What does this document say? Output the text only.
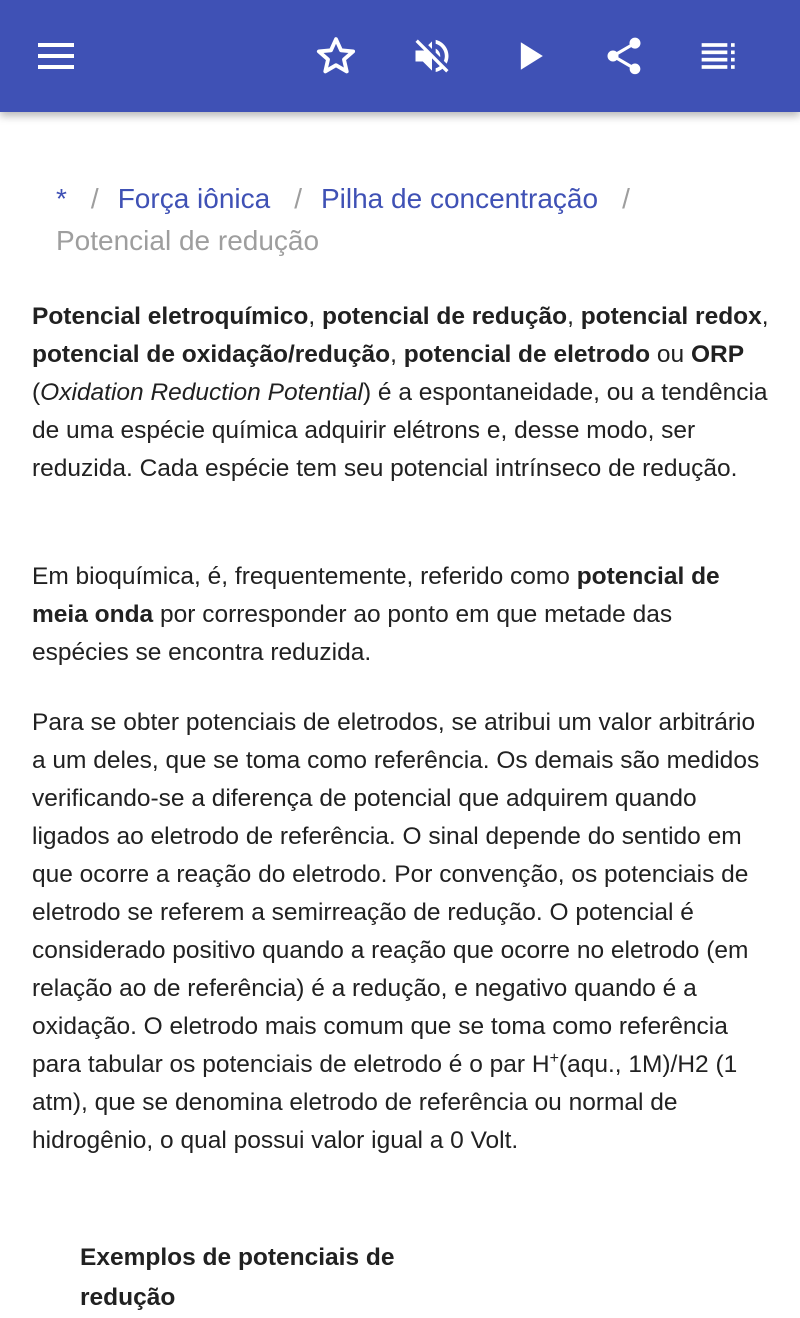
* / Força iônica / Pilha de concentração /
Potencial de redução

Potencial eletroquímico, potencial de redução, potencial redox, potencial de oxidação/redução, potencial de eletrodo ou ORP (Oxidation Reduction Potential) é a espontaneidade, ou a tendência de uma espécie química adquirir elétrons e, desse modo, ser reduzida. Cada espécie tem seu potencial intrínseco de redução.

Em bioquímica, é, frequentemente, referido como potencial de meia onda por corresponder ao ponto em que metade das espécies se encontra reduzida.

Para se obter potenciais de eletrodos, se atribui um valor arbitrário a um deles, que se toma como referência. Os demais são medidos verificando-se a diferença de potencial que adquirem quando ligados ao eletrodo de referência. O sinal depende do sentido em que ocorre a reação do eletrodo. Por convenção, os potenciais de eletrodo se referem a semirreação de redução. O potencial é considerado positivo quando a reação que ocorre no eletrodo (em relação ao de referência) é a redução, e negativo quando é a oxidação. O eletrodo mais comum que se toma como referência para tabular os potenciais de eletrodo é o par H+(aqu., 1M)/H2 (1 atm), que se denomina eletrodo de referência ou normal de hidrogênio, o qual possui valor igual a 0 Volt.

Exemplos de potenciais de redução
